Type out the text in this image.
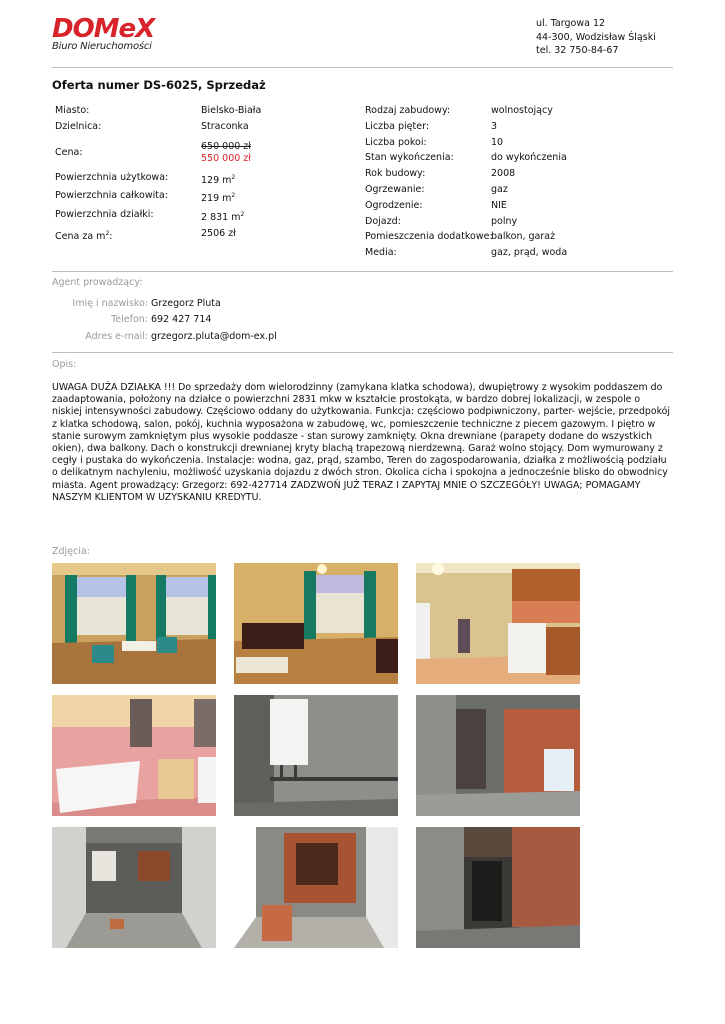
DOMeX
Biuro Nieruchomości
ul. Targowa 12
44-300, Wodzisław Śląski
tel. 32 750-84-67
Oferta numer DS-6025, Sprzedaż
Miasto:	Bielsko-Biała
Dzielnica:	Straconka
Cena:
650 000 zł
550 000 zł
Powierzchnia użytkowa:	129 $m^2$
Powierzchnia całkowita:	219 $m^2$
Powierzchnia działki:	2 831 $m^2$
Cena za $m^2$:	2506 zł
Rodzaj zabudowy:	wolnostojący
Liczba pięter:	3
Liczba pokoi:	10
Stan wykończenia:	do wykończenia
Rok budowy:	2008
Ogrzewanie:	gaz
Ogrodzenie:	NIE
Dojazd:	polny
Pomieszczenia dodatkowe:
balkon, garaż
Media:	gaz, prąd, woda
Agent prowadzący:
Imię i nazwisko: Grzegorz Pluta
Telefon: 692 427 714
Adres e-mail: grzegorz.pluta@dom-ex.pl
Opis:
UWAGA DUŻA DZIAŁKA !!! Do sprzedaży dom wielorodzinny (zamykana klatka schodowa), dwupiętrowy z wysokim poddaszem do zaadaptowania, położony na działce o powierzchni 2831 mkw w kształcie prostokąta, w bardzo dobrej lokalizacji, w zespole o niskiej intensywności zabudowy. Częściowo oddany do użytkowania. Funkcja: częściowo podpiwniczony, parter- wejście, przedpokój z klatka schodową, salon, pokój, kuchnia wyposażona w zabudowę, wc, pomieszczenie techniczne z piecem gazowym. I piętro w stanie surowym zamkniętym plus wysokie poddasze - stan surowy zamknięty. Okna drewniane (parapety dodane do wszystkich okien), dwa balkony. Dach o konstrukcji drewnianej kryty blachą trapezową nierdzewną. Garaż wolno stojący. Dom wymurowany z cegły i pustaka do wykończenia. Instalacje: wodna, gaz, prąd, szambo, Teren do zagospodarowania, działka z możliwością podziału o delikatnym nachyleniu, możliwość uzyskania dojazdu z dwóch stron. Okolica cicha i spokojna a jednocześnie blisko do obwodnicy miasta. Agent prowadzący: Grzegorz: 692-427714 ZADZWOŃ JUŻ TERAZ I ZAPYTAJ MNIE O SZCZEGÓŁY! UWAGA; POMAGAMY NASZYM KLIENTOM W UZYSKANIU KREDYTU.
Zdjęcia:
